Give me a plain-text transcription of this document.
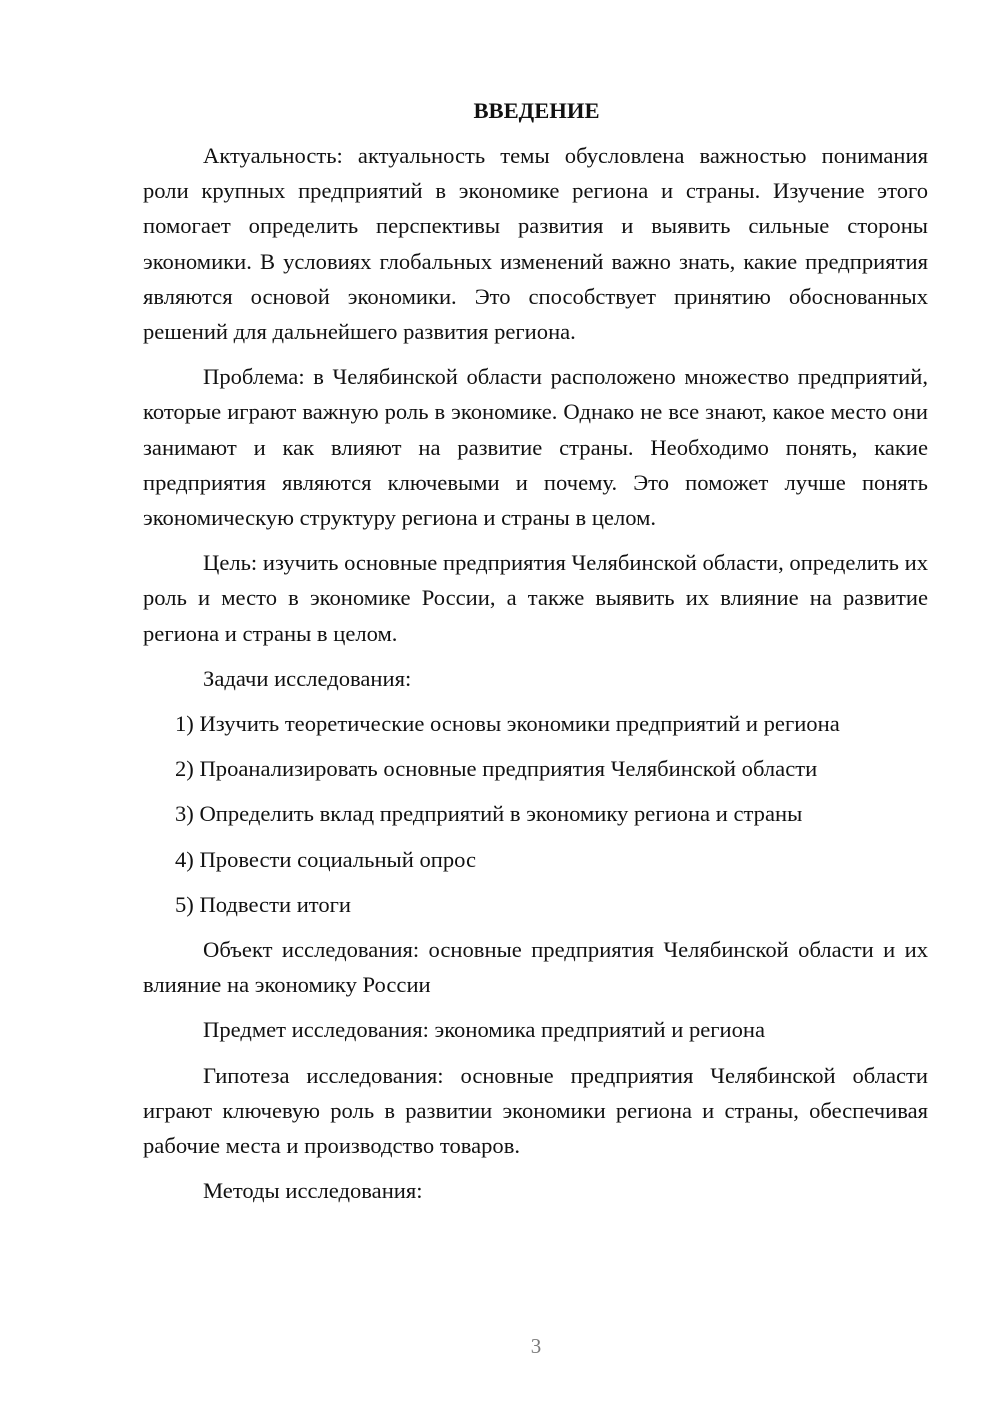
ВВЕДЕНИЕ

Актуальность: актуальность темы обусловлена важностью понимания роли крупных предприятий в экономике региона и страны. Изучение этого помогает определить перспективы развития и выявить сильные стороны экономики. В условиях глобальных изменений важно знать, какие предприятия являются основой экономики. Это способствует принятию обоснованных решений для дальнейшего развития региона.

Проблема: в Челябинской области расположено множество предприятий, которые играют важную роль в экономике. Однако не все знают, какое место они занимают и как влияют на развитие страны. Необходимо понять, какие предприятия являются ключевыми и почему. Это поможет лучше понять экономическую структуру региона и страны в целом.

Цель: изучить основные предприятия Челябинской области, определить их роль и место в экономике России, а также выявить их влияние на развитие региона и страны в целом.

Задачи исследования:

1) Изучить теоретические основы экономики предприятий и региона

2) Проанализировать основные предприятия Челябинской области

3) Определить вклад предприятий в экономику региона и страны

4) Провести социальный опрос

5) Подвести итоги

Объект исследования: основные предприятия Челябинской области и их влияние на экономику России

Предмет исследования: экономика предприятий и региона

Гипотеза исследования: основные предприятия Челябинской области играют ключевую роль в развитии экономики региона и страны, обеспечивая рабочие места и производство товаров.

Методы исследования:

3
